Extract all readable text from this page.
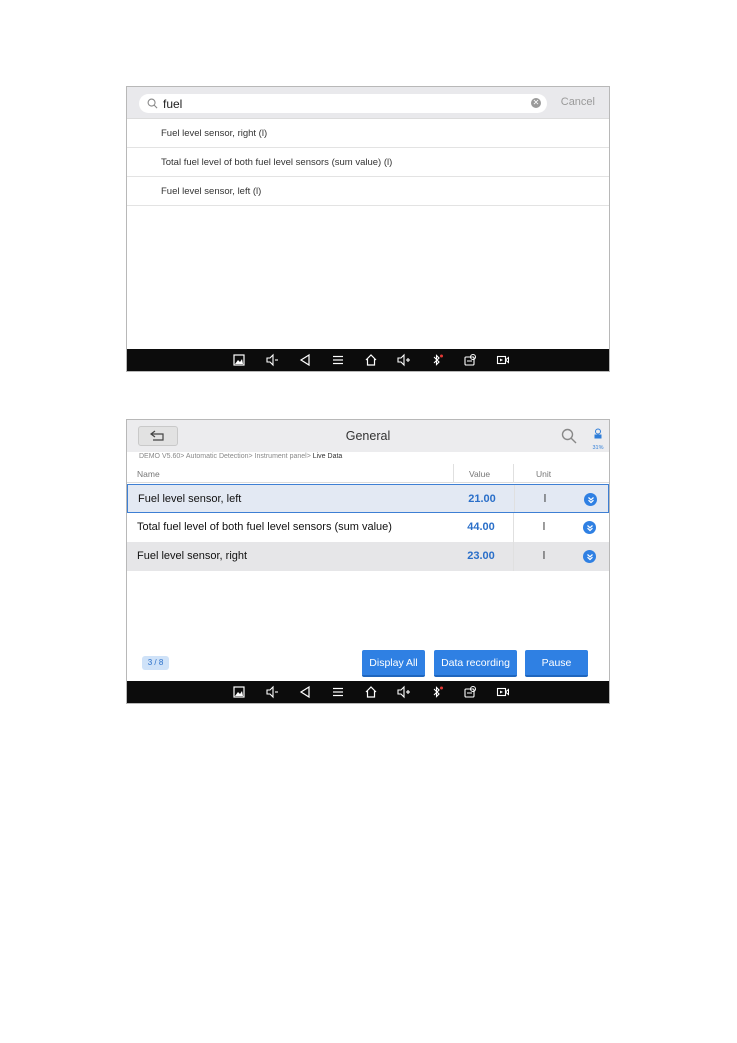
fuel
✕ Cancel
Fuel level sensor, right (l)
Total fuel level of both fuel level sensors (sum value) (l)
Fuel level sensor, left (l)
General
31%
DEMO V5.60> Automatic Detection> Instrument panel> Live Data
Name	Value	Unit
Fuel level sensor, left	21.00	l
Total fuel level of both fuel level sensors (sum value)	44.00	l
Fuel level sensor, right	23.00	l
3 / 8	Display All	Data recording	Pause
